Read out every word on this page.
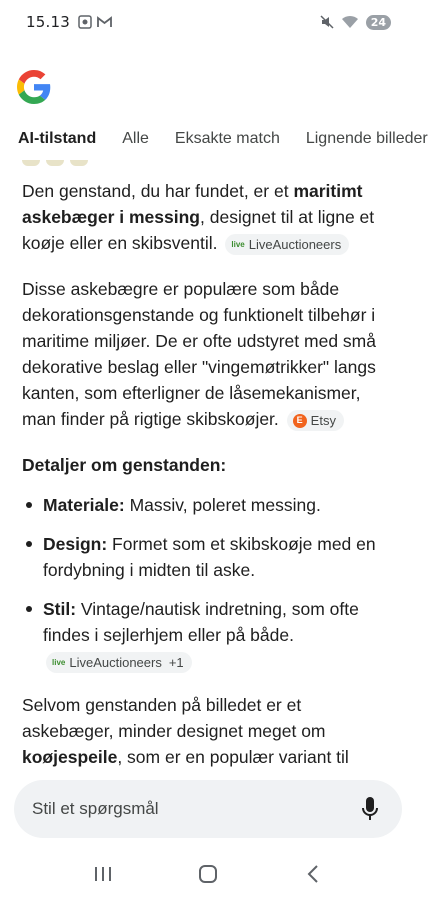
15.13	24
AI-tilstand	Alle	Eksakte match	Lignende billeder

Den genstand, du har fundet, er et maritimt askebæger i messing, designet til at ligne et koøje eller en skibsventil. live LiveAuctioneers

Disse askebægre er populære som både dekorationsgenstande og funktionelt tilbehør i maritime miljøer. De er ofte udstyret med små dekorative beslag eller "vingemøtrikker" langs kanten, som efterligner de låsemekanismer, man finder på rigtige skibskoøjer.	E Etsy

Detaljer om genstanden:
Materiale: Massiv, poleret messing.
Design: Formet som et skibskoøje med en fordybning i midten til aske.
Stil: Vintage/nautisk indretning, som ofte findes i sejlerhjem eller på både.
live LiveAuctioneers +1

Selvom genstanden på billedet er et askebæger, minder designet meget om koøjespeile, som er en populær variant til

Stil et spørgsmål
